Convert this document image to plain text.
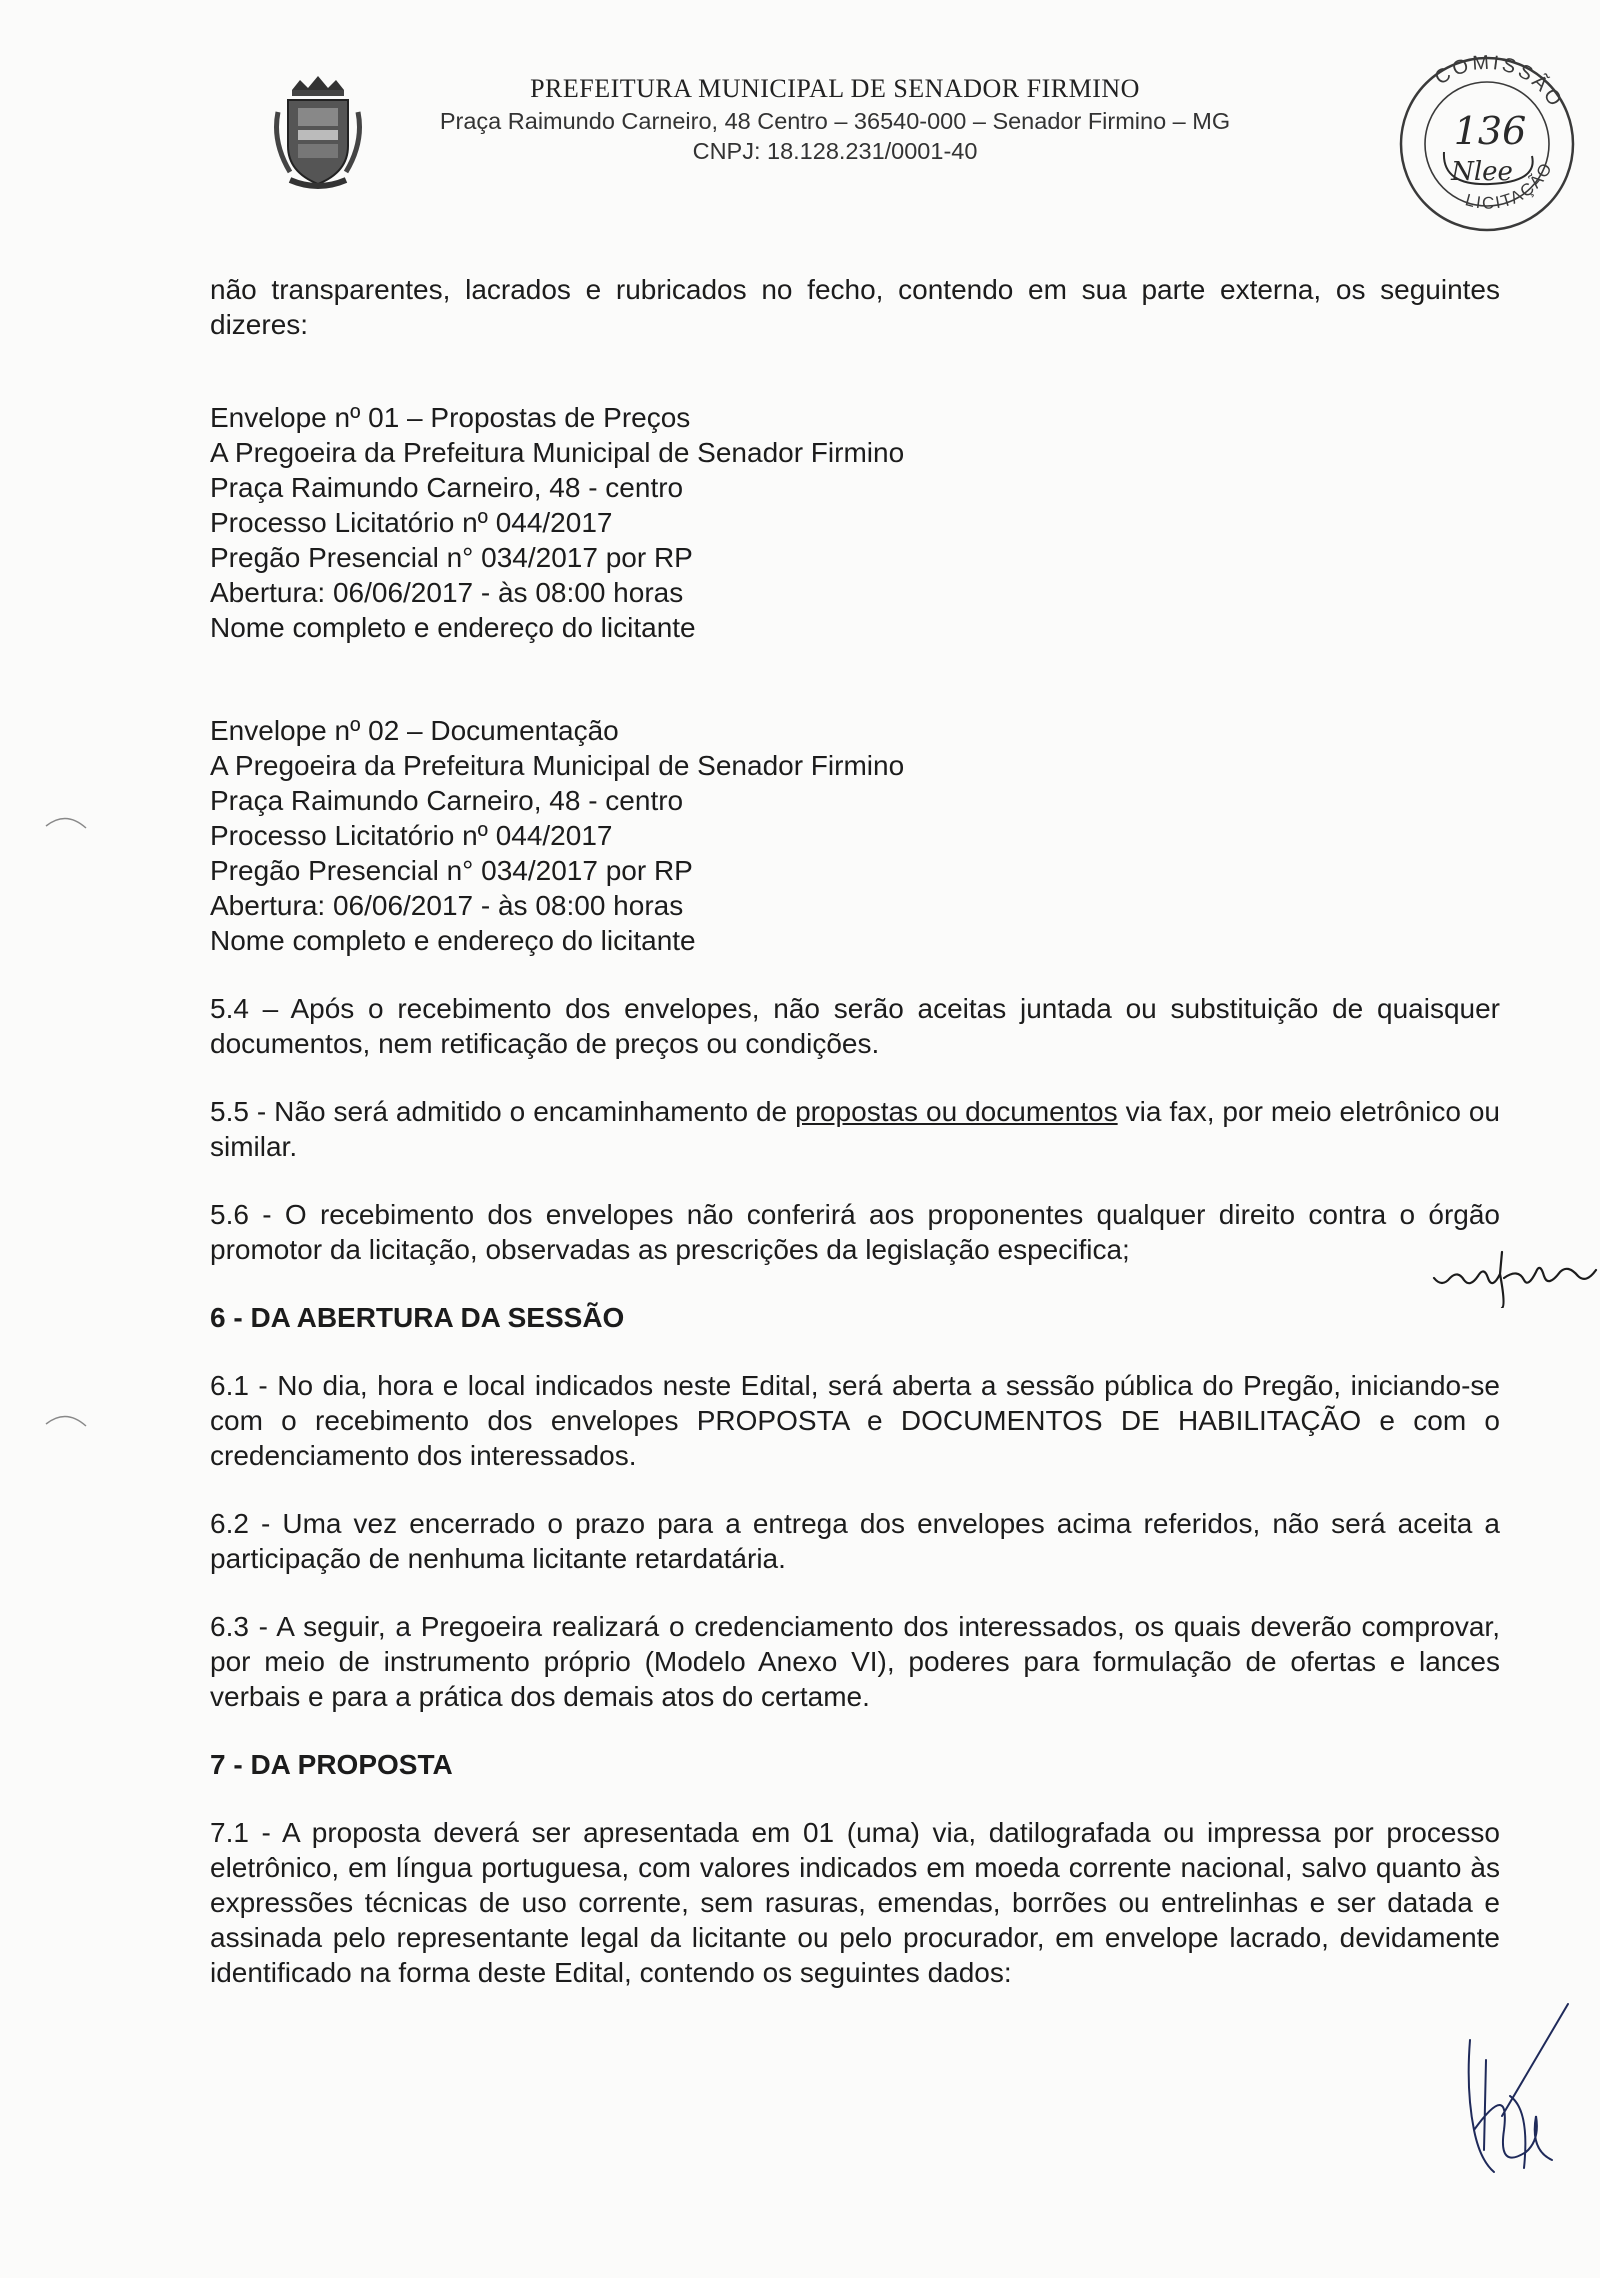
PREFEITURA MUNICIPAL DE SENADOR FIRMINO
Praça Raimundo Carneiro, 48 Centro – 36540-000 – Senador Firmino – MG
CNPJ: 18.128.231/0001-40
COMISSÃO
LICITAÇÃO
136
Nlee

não transparentes, lacrados e rubricados no fecho, contendo em sua parte externa, os seguintes dizeres:

Envelope nº 01 – Propostas de Preços

A Pregoeira da Prefeitura Municipal de Senador Firmino

Praça Raimundo Carneiro, 48 - centro

Processo Licitatório nº 044/2017

Pregão Presencial n° 034/2017 por RP

Abertura: 06/06/2017 - às 08:00 horas

Nome completo e endereço do licitante

Envelope nº 02 – Documentação

A Pregoeira da Prefeitura Municipal de Senador Firmino

Praça Raimundo Carneiro, 48 - centro

Processo Licitatório nº 044/2017

Pregão Presencial n° 034/2017 por RP

Abertura: 06/06/2017 - às 08:00 horas

Nome completo e endereço do licitante

5.4 – Após o recebimento dos envelopes, não serão aceitas juntada ou substituição de quaisquer documentos, nem retificação de preços ou condições.

5.5 - Não será admitido o encaminhamento de propostas ou documentos via fax, por meio eletrônico ou similar.

5.6 - O recebimento dos envelopes não conferirá aos proponentes qualquer direito contra o órgão promotor da licitação, observadas as prescrições da legislação especifica;

6 - DA ABERTURA DA SESSÃO

6.1 - No dia, hora e local indicados neste Edital, será aberta a sessão pública do Pregão, iniciando-se com o recebimento dos envelopes PROPOSTA e DOCUMENTOS DE HABILITAÇÃO e com o credenciamento dos interessados.

6.2 - Uma vez encerrado o prazo para a entrega dos envelopes acima referidos, não será aceita a participação de nenhuma licitante retardatária.

6.3 - A seguir, a Pregoeira realizará o credenciamento dos interessados, os quais deverão comprovar, por meio de instrumento próprio (Modelo Anexo VI), poderes para formulação de ofertas e lances verbais e para a prática dos demais atos do certame.

7 - DA PROPOSTA

7.1 - A proposta deverá ser apresentada em 01 (uma) via, datilografada ou impressa por processo eletrônico, em língua portuguesa, com valores indicados em moeda corrente nacional, salvo quanto às expressões técnicas de uso corrente, sem rasuras, emendas, borrões ou entrelinhas e ser datada e assinada pelo representante legal da licitante ou pelo procurador, em envelope lacrado, devidamente identificado na forma deste Edital, contendo os seguintes dados:
